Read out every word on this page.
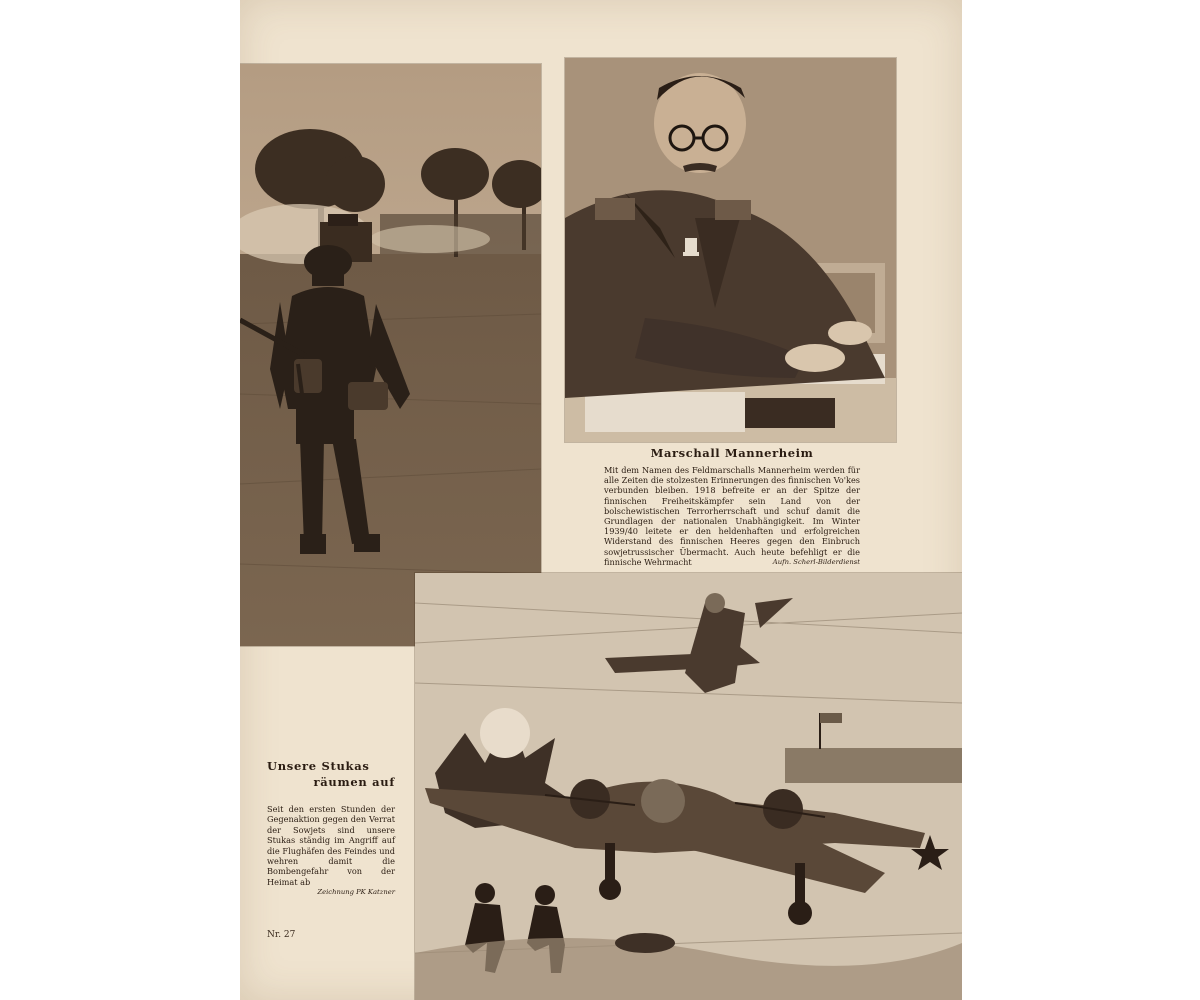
Marschall Mannerheim

Mit dem Namen des Feldmarschalls Mannerheim werden für alle Zeiten die stolzesten Erinnerungen des finnischen Vo'kes verbunden bleiben. 1918 befreite er an der Spitze der finnischen Freiheitskämpfer sein Land von der bolschewistischen Terrorherrschaft und schuf damit die Grundlagen der nationalen Unabhängigkeit. Im Winter 1939/40 leitete er den heldenhaften und erfolgreichen Widerstand des finnischen Heeres gegen den Einbruch sowjetrussischer Übermacht. Auch heute befehligt er die finnische Wehrmacht	Aufn. Scherl-Bilderdienst

Unsere Stukas
räumen auf

Seit den ersten Stunden der Gegenaktion gegen den Verrat der Sowjets sind unsere Stukas ständig im Angriff auf die Flughäfen des Feindes und wehren damit die Bombengefahr von der Heimat ab

Zeichnung PK Katzner
Nr. 27
